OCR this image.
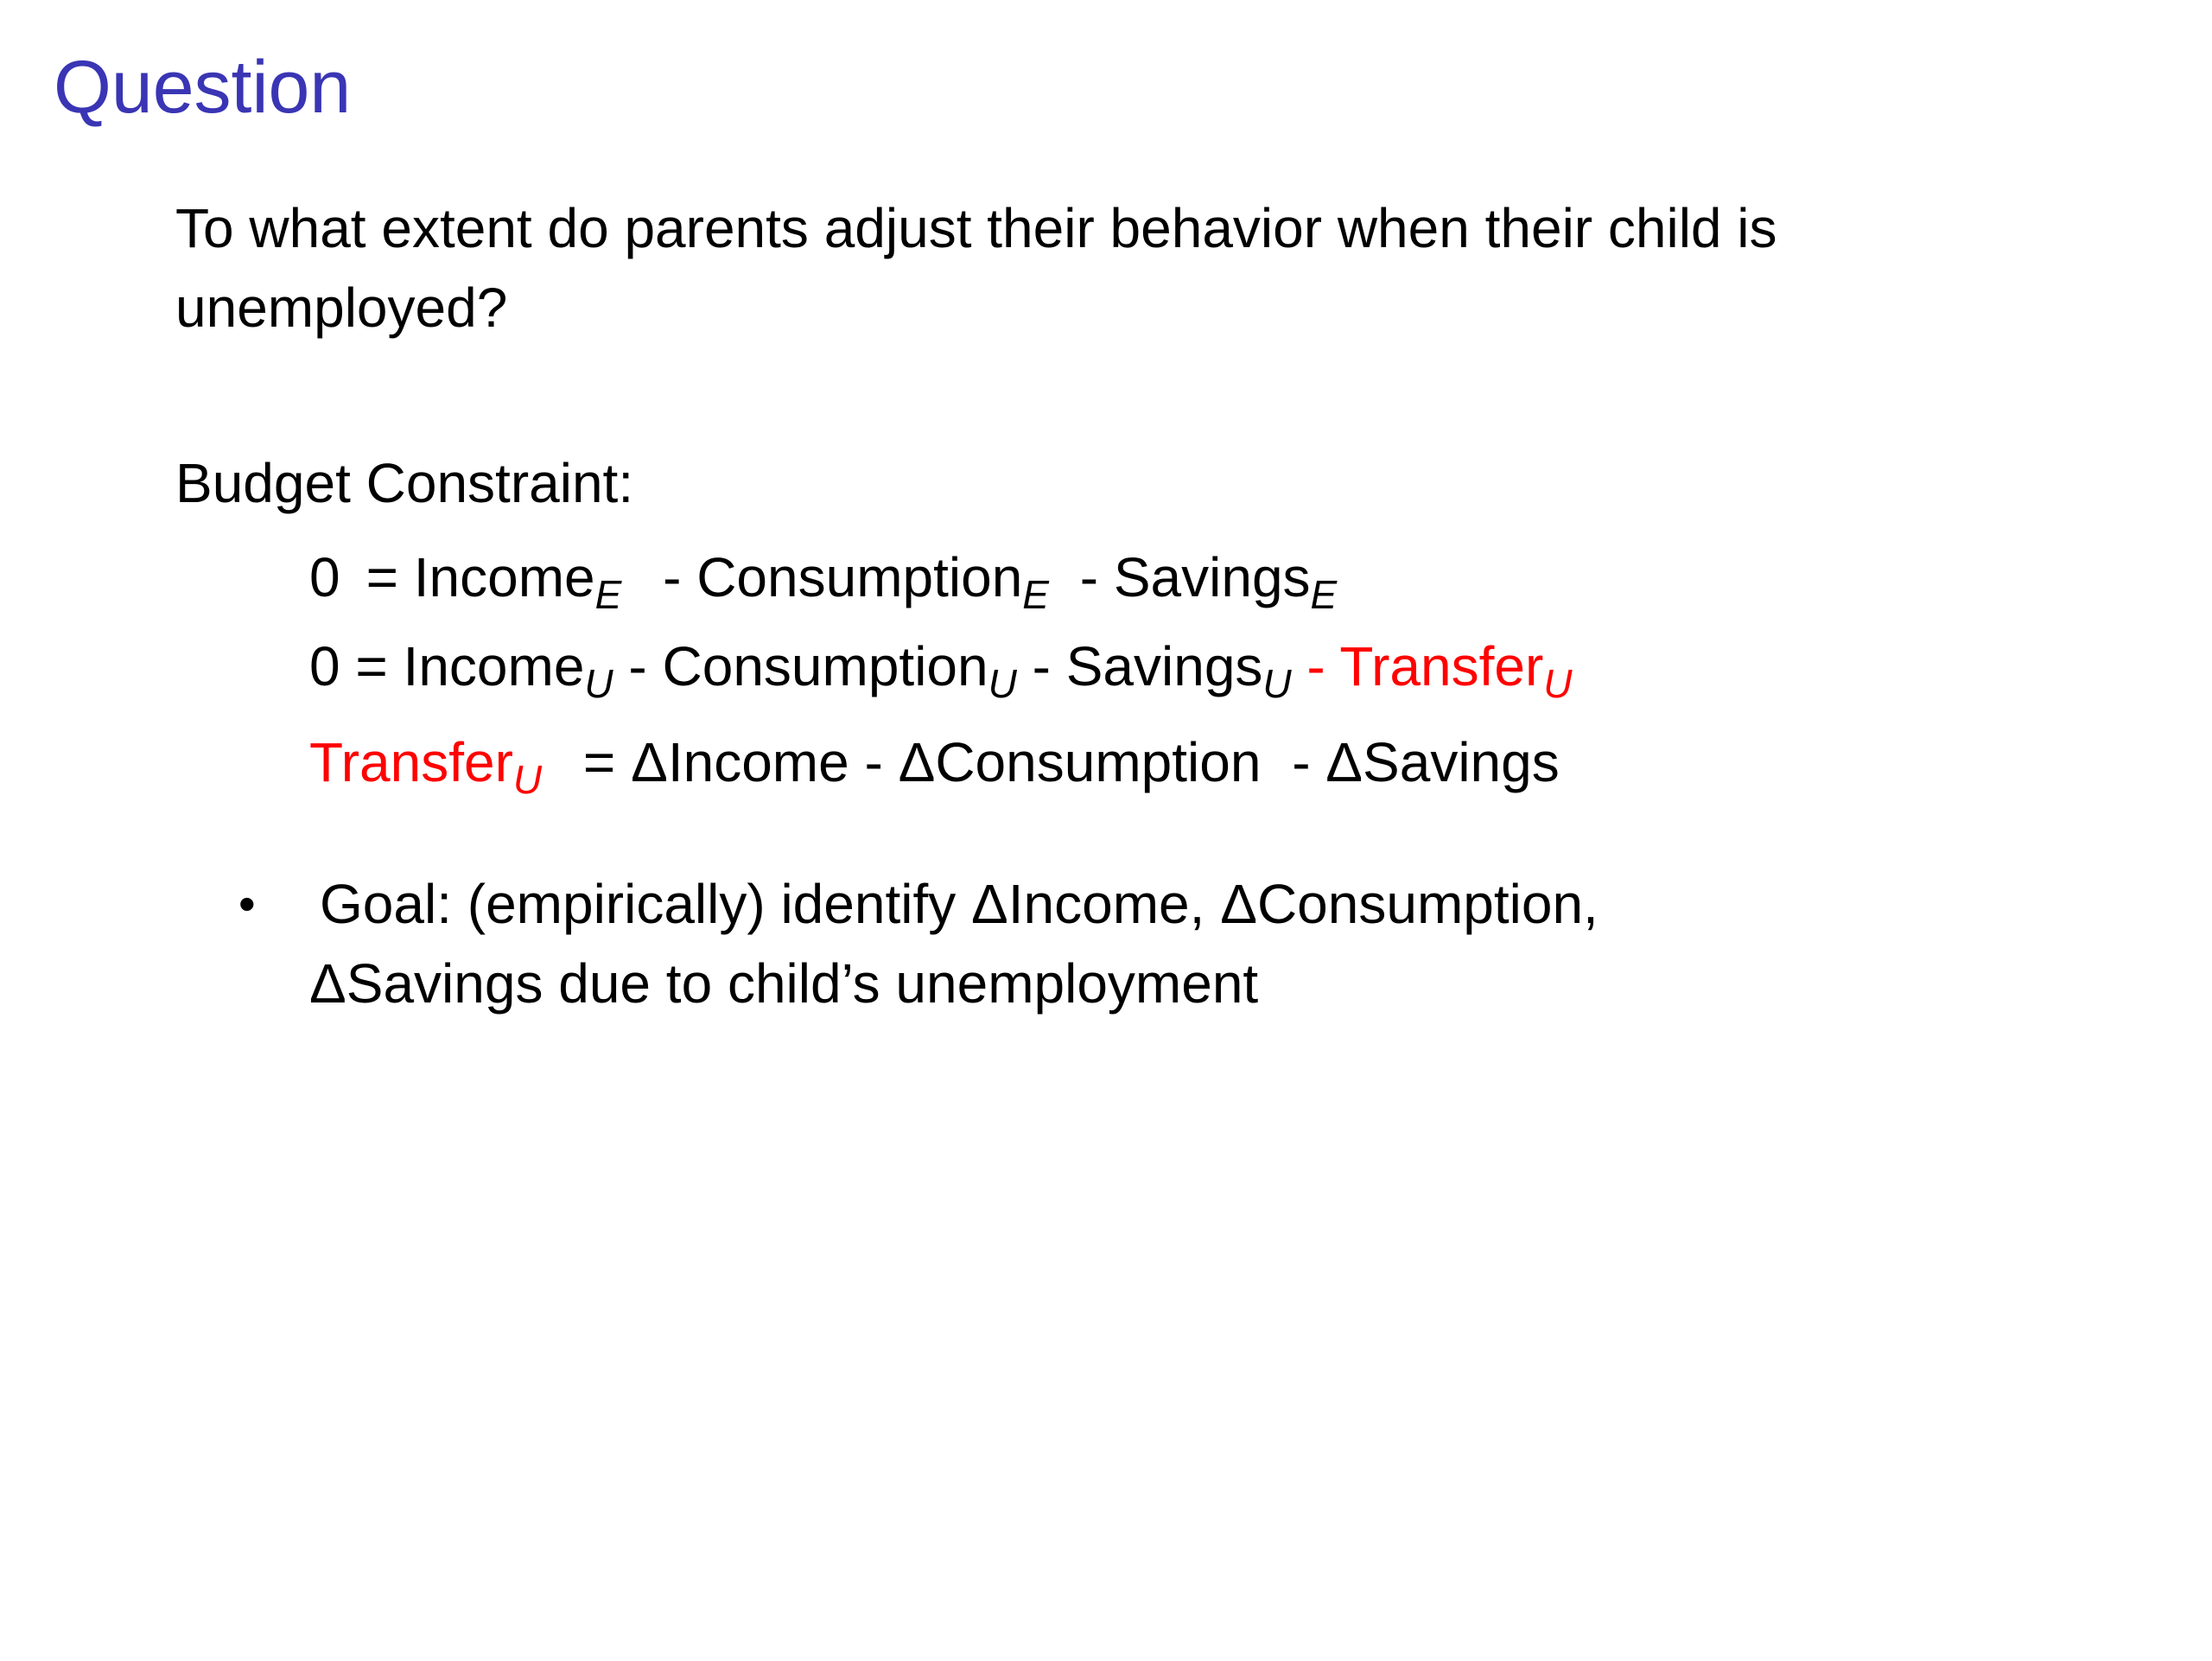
Question

To what extent do parents adjust their behavior when their child is

unemployed?

Budget Constraint:
0 = Income$_E$ - Consumption$_E$ - Savings$_E$
0 = Income$_U$ - Consumption$_U$ - Savings$_U$ - Transfer$_U$
Transfer$_U$ = ΔIncome - ΔConsumption - ΔSavings
• Goal: (empirically) identify ΔIncome, ΔConsumption,

ΔSavings due to child’s unemployment
